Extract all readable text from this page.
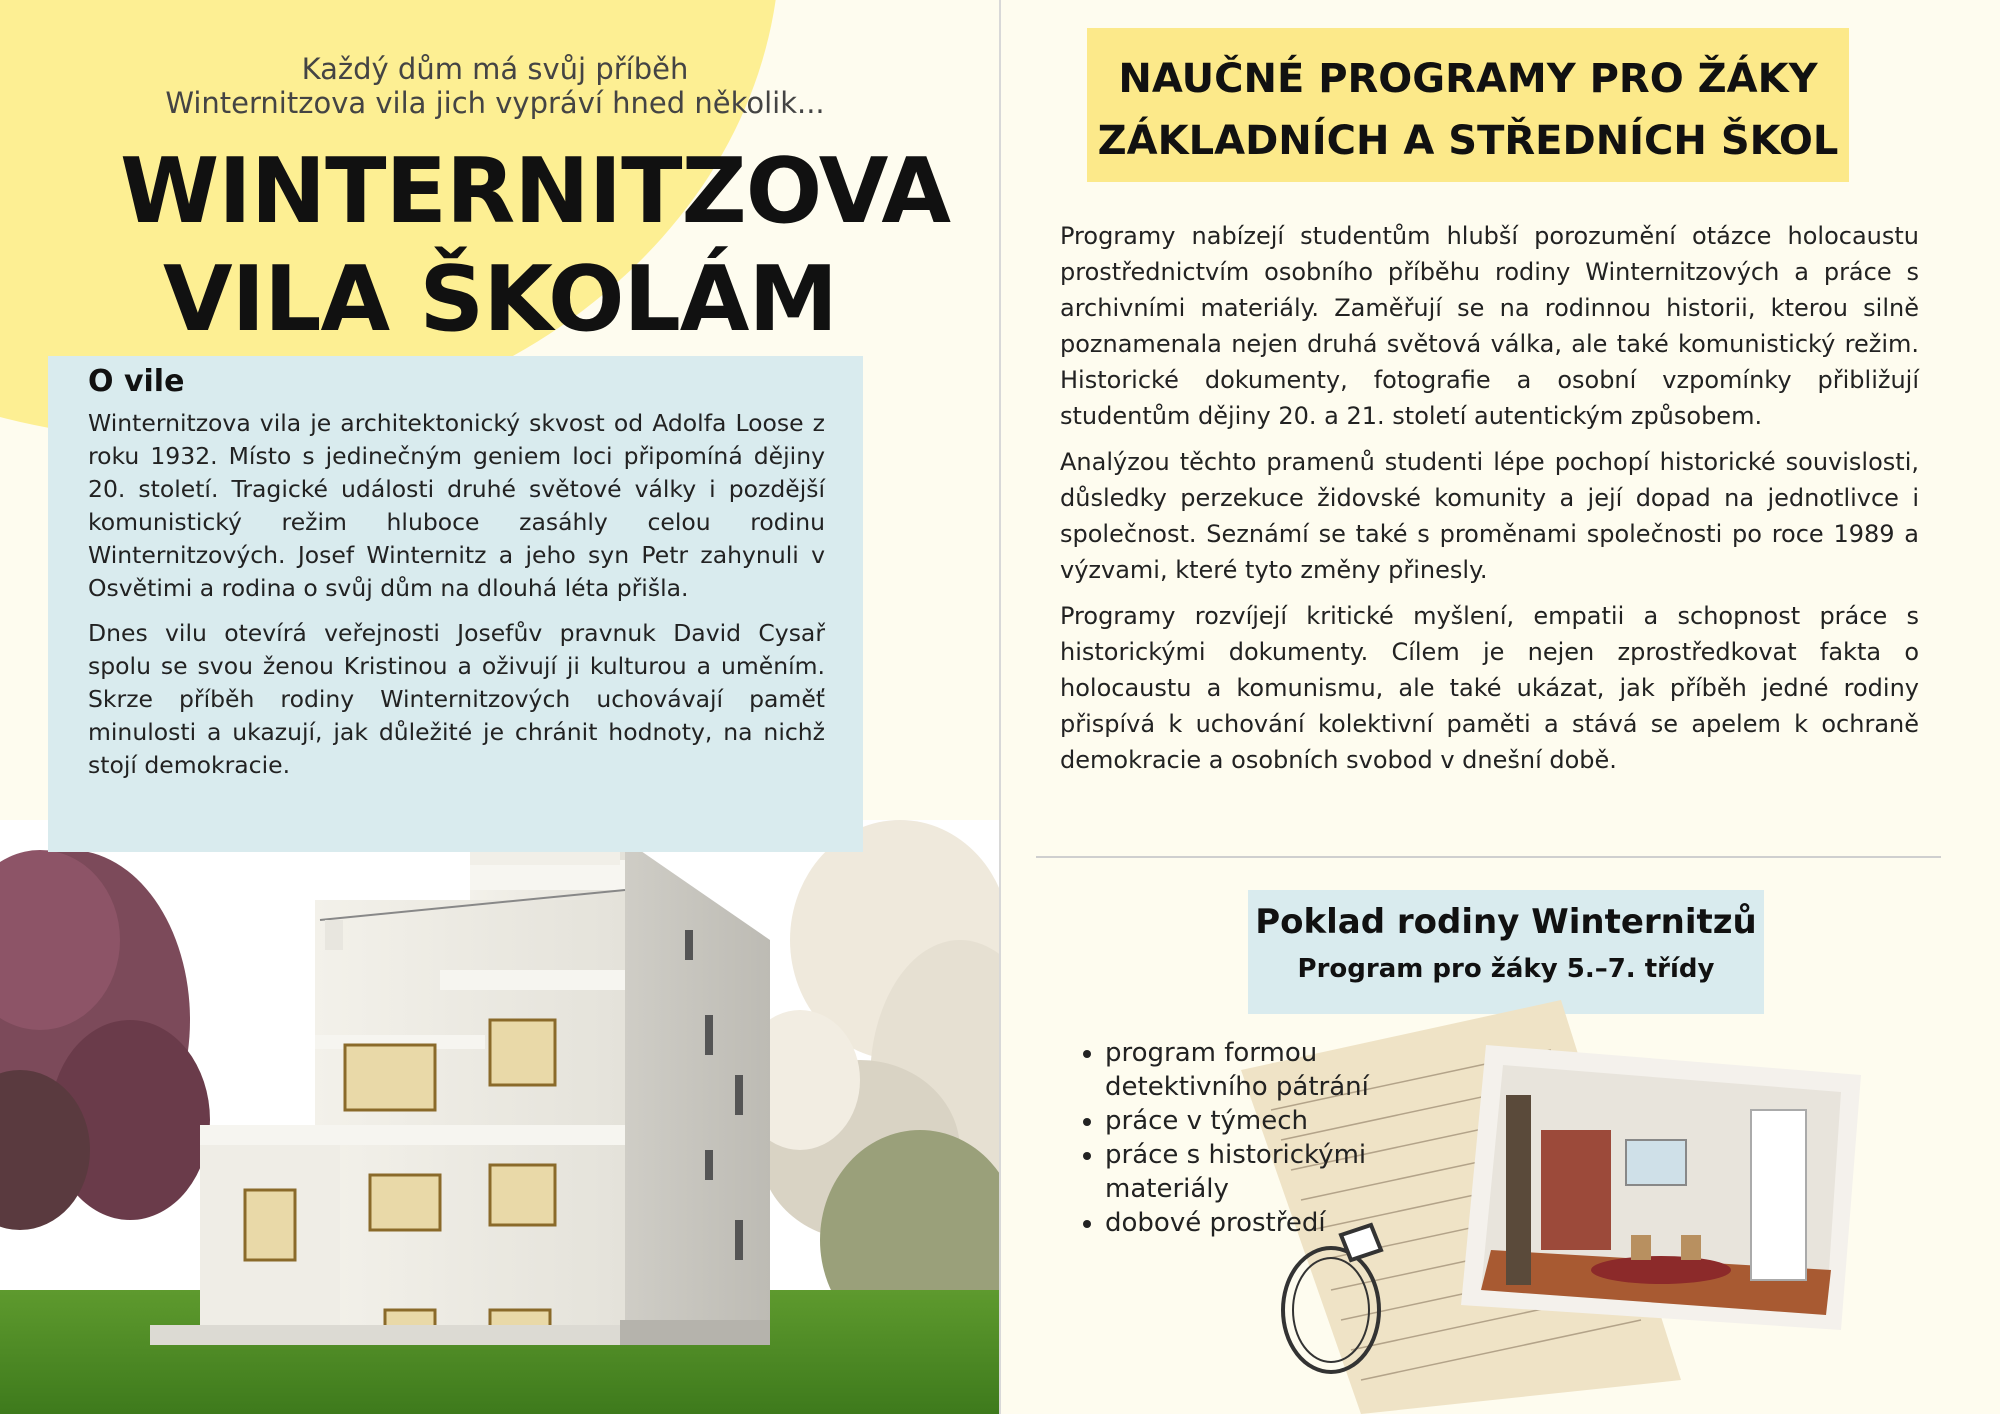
Každý dům má svůj příběh
Winternitzova vila jich vypráví hned několik...
WINTERNITZOVA
VILA ŠKOLÁM
O vile

Winternitzova vila je architektonický skvost od Adolfa Loose z roku 1932. Místo s jedinečným geniem loci připomíná dějiny 20. století. Tragické události druhé světové války i pozdější komunistický režim hluboce zasáhly celou rodinu Winternitzových. Josef Winternitz a jeho syn Petr zahynuli v Osvětimi a rodina o svůj dům na dlouhá léta přišla.

Dnes vilu otevírá veřejnosti Josefův pravnuk David Cysař spolu se svou ženou Kristinou a oživují ji kulturou a uměním. Skrze příběh rodiny Winternitzových uchovávají paměť minulosti a ukazují, jak důležité je chránit hodnoty, na nichž stojí demokracie.

NAUČNÉ PROGRAMY PRO ŽÁKY
ZÁKLADNÍCH A STŘEDNÍCH ŠKOL

Programy nabízejí studentům hlubší porozumění otázce holocaustu prostřednictvím osobního příběhu rodiny Winternitzových a práce s archivními materiály. Zaměřují se na rodinnou historii, kterou silně poznamenala nejen druhá světová válka, ale také komunistický režim. Historické dokumenty, fotografie a osobní vzpomínky přibližují studentům dějiny 20. a 21. století autentickým způsobem.

Analýzou těchto pramenů studenti lépe pochopí historické souvislosti, důsledky perzekuce židovské komunity a její dopad na jednotlivce i společnost. Seznámí se také s proměnami společnosti po roce 1989 a výzvami, které tyto změny přinesly.

Programy rozvíjejí kritické myšlení, empatii a schopnost práce s historickými dokumenty. Cílem je nejen zprostředkovat fakta o holocaustu a komunismu, ale také ukázat, jak příběh jedné rodiny přispívá k uchování kolektivní paměti a stává se apelem k ochraně demokracie a osobních svobod v dnešní době.

Poklad rodiny Winternitzů
Program pro žáky 5.–7. třídy
• program formou detektivního pátrání
• práce v týmech
• práce s historickými materiály
• dobové prostředí
